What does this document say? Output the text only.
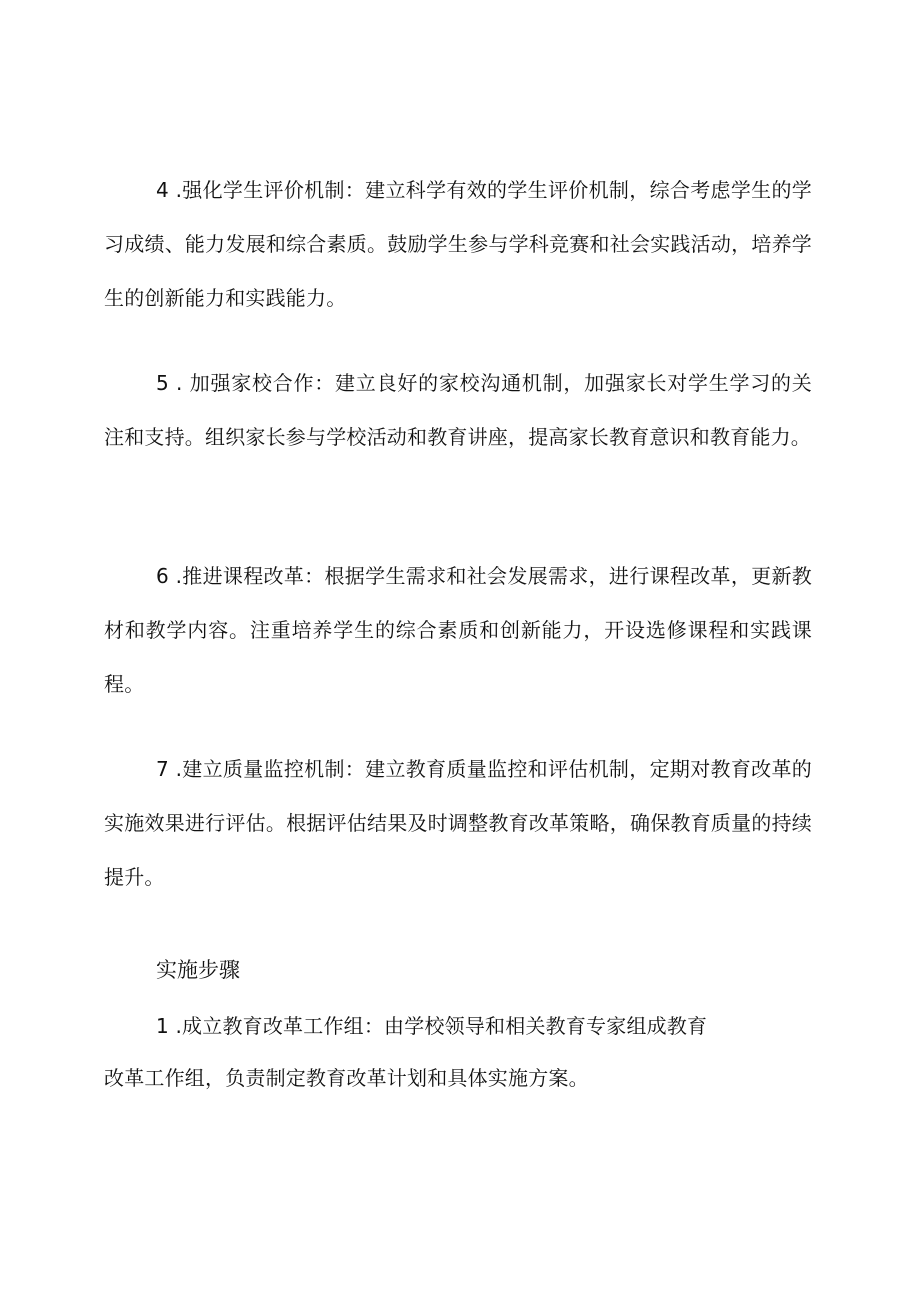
4 .强化学生评价机制：建立科学有效的学生评价机制，综合考虑学生的学习成绩、能力发展和综合素质。鼓励学生参与学科竞赛和社会实践活动，培养学生的创新能力和实践能力。

5 . 加强家校合作：建立良好的家校沟通机制，加强家长对学生学习的关注和支持。组织家长参与学校活动和教育讲座，提高家长教育意识和教育能力。

6 .推进课程改革：根据学生需求和社会发展需求，进行课程改革，更新教材和教学内容。注重培养学生的综合素质和创新能力，开设选修课程和实践课程。

7 .建立质量监控机制：建立教育质量监控和评估机制，定期对教育改革的实施效果进行评估。根据评估结果及时调整教育改革策略，确保教育质量的持续提升。

实施步骤

1 .成立教育改革工作组：由学校领导和相关教育专家组成教育
改革工作组，负责制定教育改革计划和具体实施方案。
